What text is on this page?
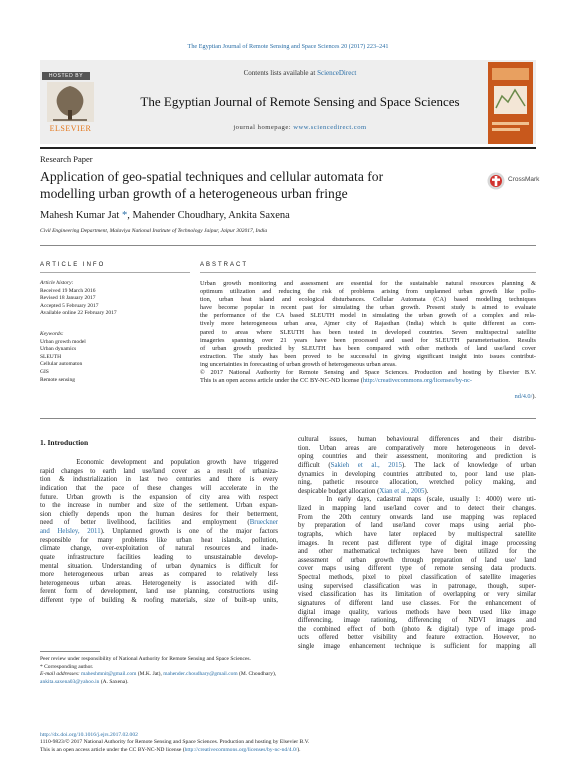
The Egyptian Journal of Remote Sensing and Space Sciences 20 (2017) 223–241
HOSTED BY
ELSEVIER
Contents lists available at ScienceDirect
The Egyptian Journal of Remote Sensing and Space Sciences
journal homepage: www.sciencedirect.com
Research Paper
Application of geo-spatial techniques and cellular automata for
modelling urban growth of a heterogeneous urban fringe
CrossMark
Mahesh Kumar Jat *, Mahender Choudhary, Ankita Saxena
Civil Engineering Department, Malaviya National Institute of Technology Jaipur, Jaipur 302017, India
ARTICLE INFO	ABSTRACT
Article history:
Received 19 March 2016
Revised 18 January 2017
Accepted 5 February 2017
Available online 22 February 2017
Keywords:
Urban growth model
Urban dynamics
SLEUTH
Cellular automaton
GIS
Remote sensing
Urban growth monitoring and assessment are essential for the sustainable natural resources planning &
optimum utilization and reducing the risk of problems arising from unplanned urban growth like pollu-
tion, urban heat island and ecological disturbances. Cellular Automata (CA) based modelling techniques
have become popular in recent past for simulating the urban growth. Present study is aimed to evaluate
the performance of the CA based SLEUTH model in simulating the urban growth of a complex and rela-
tively more heterogeneous urban area, Ajmer city of Rajasthan (India) which is quite different as com-
pared to areas where SLEUTH has been tested in developed countries. Seven multispectral satellite
imageries spanning over 21 years have been processed and used for SLEUTH parameterisation. Results
of urban growth predicted by SLEUTH has been compared with other methods of land use/land cover
extraction. The study has been proved to be successful in giving significant insight into issues contribut-
ing uncertainties in forecasting of urban growth of heterogeneous urban areas.
© 2017 National Authority for Remote Sensing and Space Sciences. Production and hosting by Elsevier B.V.
This is an open access article under the CC BY-NC-ND license (http://creativecommons.org/licenses/by-nc-
nd/4.0/).
1. Introduction
Economic development and population growth have triggered
rapid changes to earth land use/land cover as a result of urbaniza-
tion & industrialization in last two centuries and there is every
indication that the pace of these changes will accelerate in the
future. Urban growth is the expansion of city area with respect
to the increase in number and size of the settlement. Urban expan-
sion chiefly depends upon the human desires for their betterment,
need of better livelihood, facilities and employment (Brueckner
and Helsley, 2011). Unplanned growth is one of the major factors
responsible for many problems like urban heat islands, pollution,
climate change, over-exploitation of natural resources and inade-
quate infrastructure facilities leading to unsustainable develop-
mental situation. Understanding of urban dynamics is difficult for
more heterogeneous urban areas as compared to relatively less
heterogeneous urban areas. Heterogeneity is associated with dif-
ferent form of development, land use planning, constructions using
different type of building & roofing materials, size of built-up units,
cultural issues, human behavioural differences and their distribu-
tion. Urban areas are comparatively more heterogeneous in devel-
oping countries and their assessment, monitoring and prediction is
difficult (Sakieh et al., 2015). The lack of knowledge of urban
dynamics in developing countries attributed to, poor land use plan-
ning, pathetic resource allocation, wretched policy making, and
despicable budget allocation (Xian et al., 2005).
In early days, cadastral maps (scale, usually 1: 4000) were uti-
lized in mapping land use/land cover and to detect their changes.
From the 20th century onwards land use mapping was replaced
by preparation of land use/land cover maps using aerial pho-
tographs, which have later replaced by multispectral satellite
images. In recent past different type of digital image processing
and other mathematical techniques have been utilized for the
assessment of urban growth through preparation of land use/ land
cover maps using different type of remote sensing data products.
Spectral methods, pixel to pixel classification of satellite imageries
using supervised classification was in patronage, though, super-
vised classification has its limitation of overlapping or very similar
signatures of different land use classes. For the enhancement of
digital image quality, various methods have been used like image
differencing, image rationing, differencing of NDVI images and
the combined effect of both (photo & digital) type of image prod-
ucts offered better visibility and feature extraction. However, no
single image enhancement technique is sufficient for mapping all
Peer review under responsibility of National Authority for Remote Sensing and Space Sciences.
* Corresponding author.
E-mail addresses: maheshmnit@gmail.com (M.K. Jat), mahender.choudhary@gmail.com (M. Choudhary), ankita.saxena03@yahoo.in (A. Saxena).
http://dx.doi.org/10.1016/j.ejrs.2017.02.002
1110-9823/© 2017 National Authority for Remote Sensing and Space Sciences. Production and hosting by Elsevier B.V.
This is an open access article under the CC BY-NC-ND license (http://creativecommons.org/licenses/by-nc-nd/4.0/).
